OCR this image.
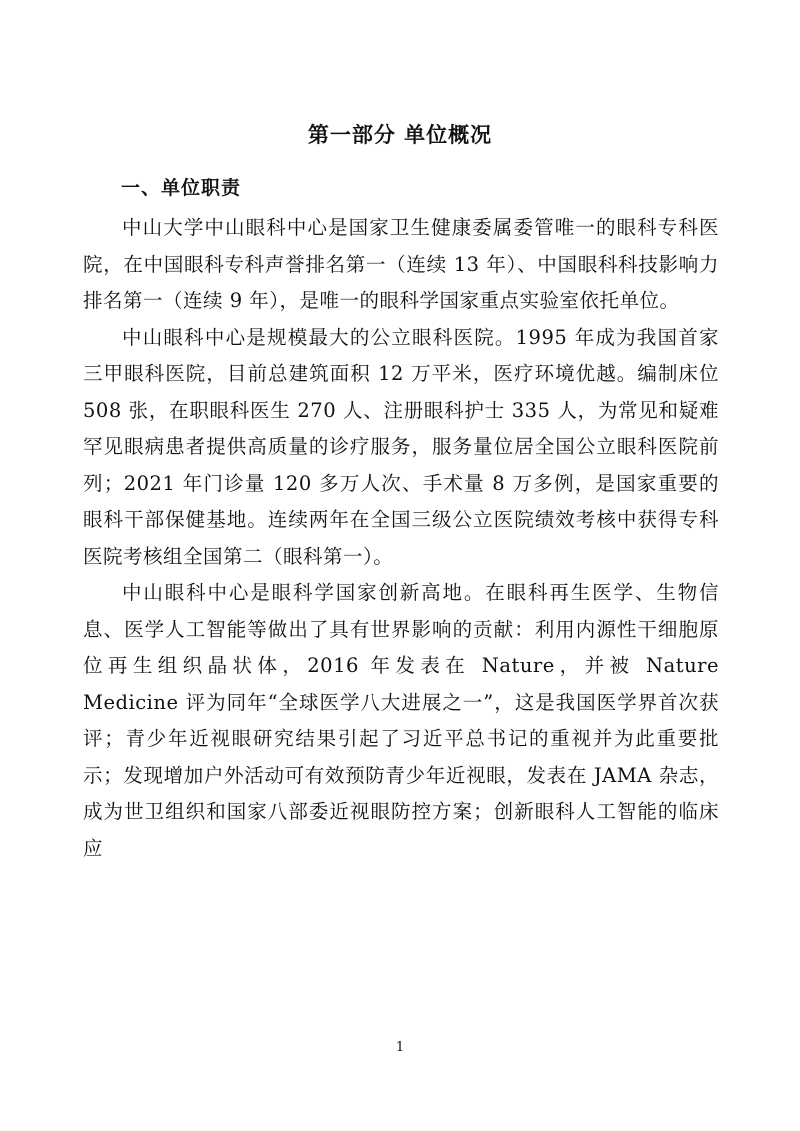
第一部分 单位概况
一、单位职责

中山大学中山眼科中心是国家卫生健康委属委管唯一的眼科专科医院，在中国眼科专科声誉排名第一（连续 13 年）、中国眼科科技影响力排名第一（连续 9 年），是唯一的眼科学国家重点实验室依托单位。

中山眼科中心是规模最大的公立眼科医院。1995 年成为我国首家三甲眼科医院，目前总建筑面积 12 万平米，医疗环境优越。编制床位 508 张，在职眼科医生 270 人、注册眼科护士 335 人，为常见和疑难罕见眼病患者提供高质量的诊疗服务，服务量位居全国公立眼科医院前列；2021 年门诊量 120 多万人次、手术量 8 万多例，是国家重要的眼科干部保健基地。连续两年在全国三级公立医院绩效考核中获得专科医院考核组全国第二（眼科第一）。

中山眼科中心是眼科学国家创新高地。在眼科再生医学、生物信息、医学人工智能等做出了具有世界影响的贡献：利用内源性干细胞原位再生组织晶状体，2016 年发表在 Nature，并被 Nature Medicine 评为同年“全球医学八大进展之一”，这是我国医学界首次获评；青少年近视眼研究结果引起了习近平总书记的重视并为此重要批示；发现增加户外活动可有效预防青少年近视眼，发表在 JAMA 杂志，成为世卫组织和国家八部委近视眼防控方案；创新眼科人工智能的临床应

1
